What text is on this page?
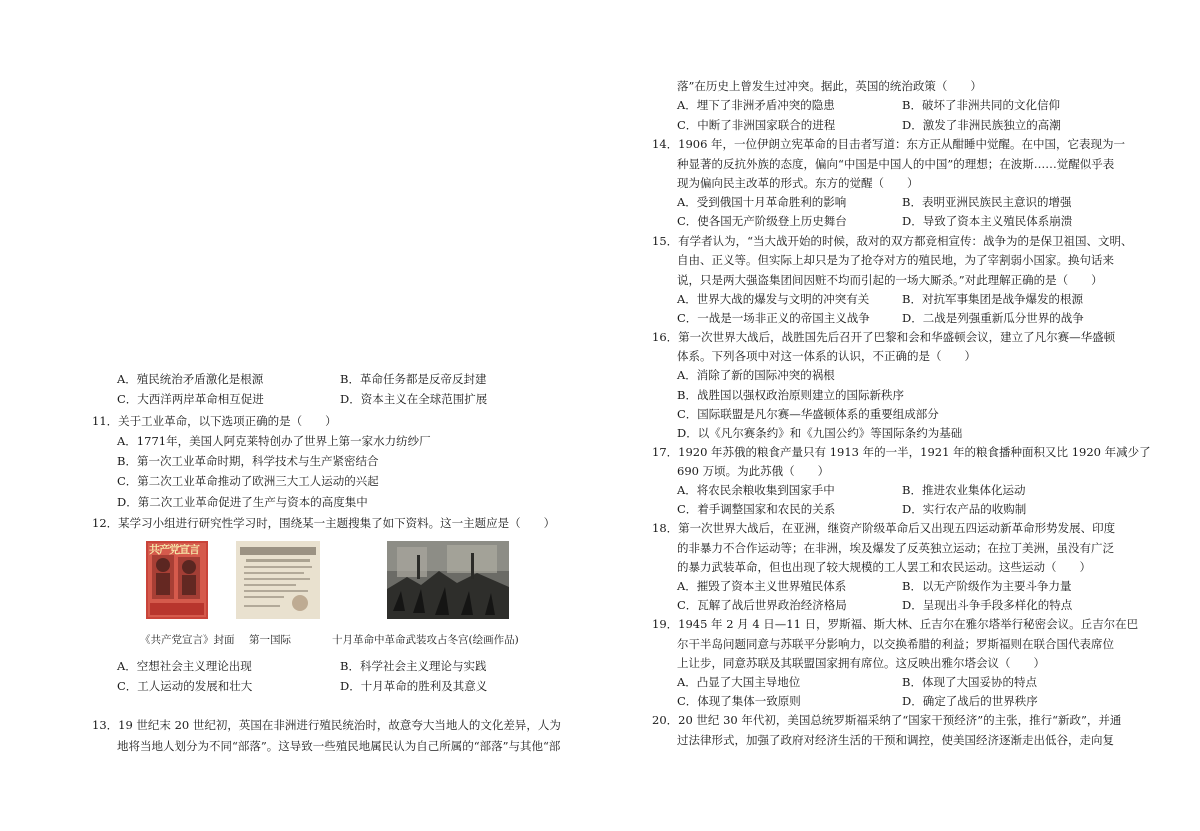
A．殖民统治矛盾激化是根源	B．革命任务都是反帝反封建
C．大西洋两岸革命相互促进	D．资本主义在全球范围扩展
11．关于工业革命，以下选项正确的是（　　）
A．1771年，美国人阿克莱特创办了世界上第一家水力纺纱厂
B．第一次工业革命时期，科学技术与生产紧密结合
C．第二次工业革命推动了欧洲三大工人运动的兴起
D．第二次工业革命促进了生产与资本的高度集中
12．某学习小组进行研究性学习时，围绕某一主题搜集了如下资料。这一主题应是（　　）
共产党宣言
《共产党宣言》封面 第一国际	十月革命中革命武装攻占冬宫(绘画作品)
A．空想社会主义理论出现	B．科学社会主义理论与实践
C．工人运动的发展和壮大	D．十月革命的胜利及其意义
13．19 世纪末 20 世纪初，英国在非洲进行殖民统治时，故意夸大当地人的文化差异，人为
地将当地人划分为不同“部落”。这导致一些殖民地属民认为自己所属的“部落”与其他“部
落”在历史上曾发生过冲突。据此，英国的统治政策（　　）
A．埋下了非洲矛盾冲突的隐患	B．破坏了非洲共同的文化信仰
C．中断了非洲国家联合的进程	D．激发了非洲民族独立的高潮
14．1906 年，一位伊朗立宪革命的目击者写道：东方正从酣睡中觉醒。在中国，它表现为一
种显著的反抗外族的态度，偏向“中国是中国人的中国”的理想；在波斯……觉醒似乎表
现为偏向民主改革的形式。东方的觉醒（　　）
A．受到俄国十月革命胜利的影响	B．表明亚洲民族民主意识的增强
C．使各国无产阶级登上历史舞台	D．导致了资本主义殖民体系崩溃
15．有学者认为，“当大战开始的时候，敌对的双方都竞相宣传：战争为的是保卫祖国、文明、
自由、正义等。但实际上却只是为了抢夺对方的殖民地，为了宰割弱小国家。换句话来
说，只是两大强盗集团间因赃不均而引起的一场大厮杀。”对此理解正确的是（　　）
A．世界大战的爆发与文明的冲突有关	B．对抗军事集团是战争爆发的根源
C．一战是一场非正义的帝国主义战争	D．二战是列强重新瓜分世界的战争
16．第一次世界大战后，战胜国先后召开了巴黎和会和华盛顿会议，建立了凡尔赛—华盛顿
体系。下列各项中对这一体系的认识，不正确的是（　　）
A．消除了新的国际冲突的祸根
B．战胜国以强权政治原则建立的国际新秩序
C．国际联盟是凡尔赛—华盛顿体系的重要组成部分
D．以《凡尔赛条约》和《九国公约》等国际条约为基础
17．1920 年苏俄的粮食产量只有 1913 年的一半，1921 年的粮食播种面积又比 1920 年减少了
690 万顷。为此苏俄（　　）
A．将农民余粮收集到国家手中	B．推进农业集体化运动
C．着手调整国家和农民的关系	D．实行农产品的收购制
18．第一次世界大战后，在亚洲，继资产阶级革命后又出现五四运动新革命形势发展、印度
的非暴力不合作运动等；在非洲，埃及爆发了反英独立运动；在拉丁美洲，虽没有广泛
的暴力武装革命，但也出现了较大规模的工人罢工和农民运动。这些运动（　　）
A．摧毁了资本主义世界殖民体系	B．以无产阶级作为主要斗争力量
C．瓦解了战后世界政治经济格局	D．呈现出斗争手段多样化的特点
19．1945 年 2 月 4 日—11 日，罗斯福、斯大林、丘吉尔在雅尔塔举行秘密会议。丘吉尔在巴
尔干半岛问题同意与苏联平分影响力，以交换希腊的利益；罗斯福则在联合国代表席位
上让步，同意苏联及其联盟国家拥有席位。这反映出雅尔塔会议（　　）
A．凸显了大国主导地位	B．体现了大国妥协的特点
C．体现了集体一致原则	D．确定了战后的世界秩序
20．20 世纪 30 年代初，美国总统罗斯福采纳了“国家干预经济”的主张，推行“新政”，并通
过法律形式，加强了政府对经济生活的干预和调控，使美国经济逐渐走出低谷，走向复
